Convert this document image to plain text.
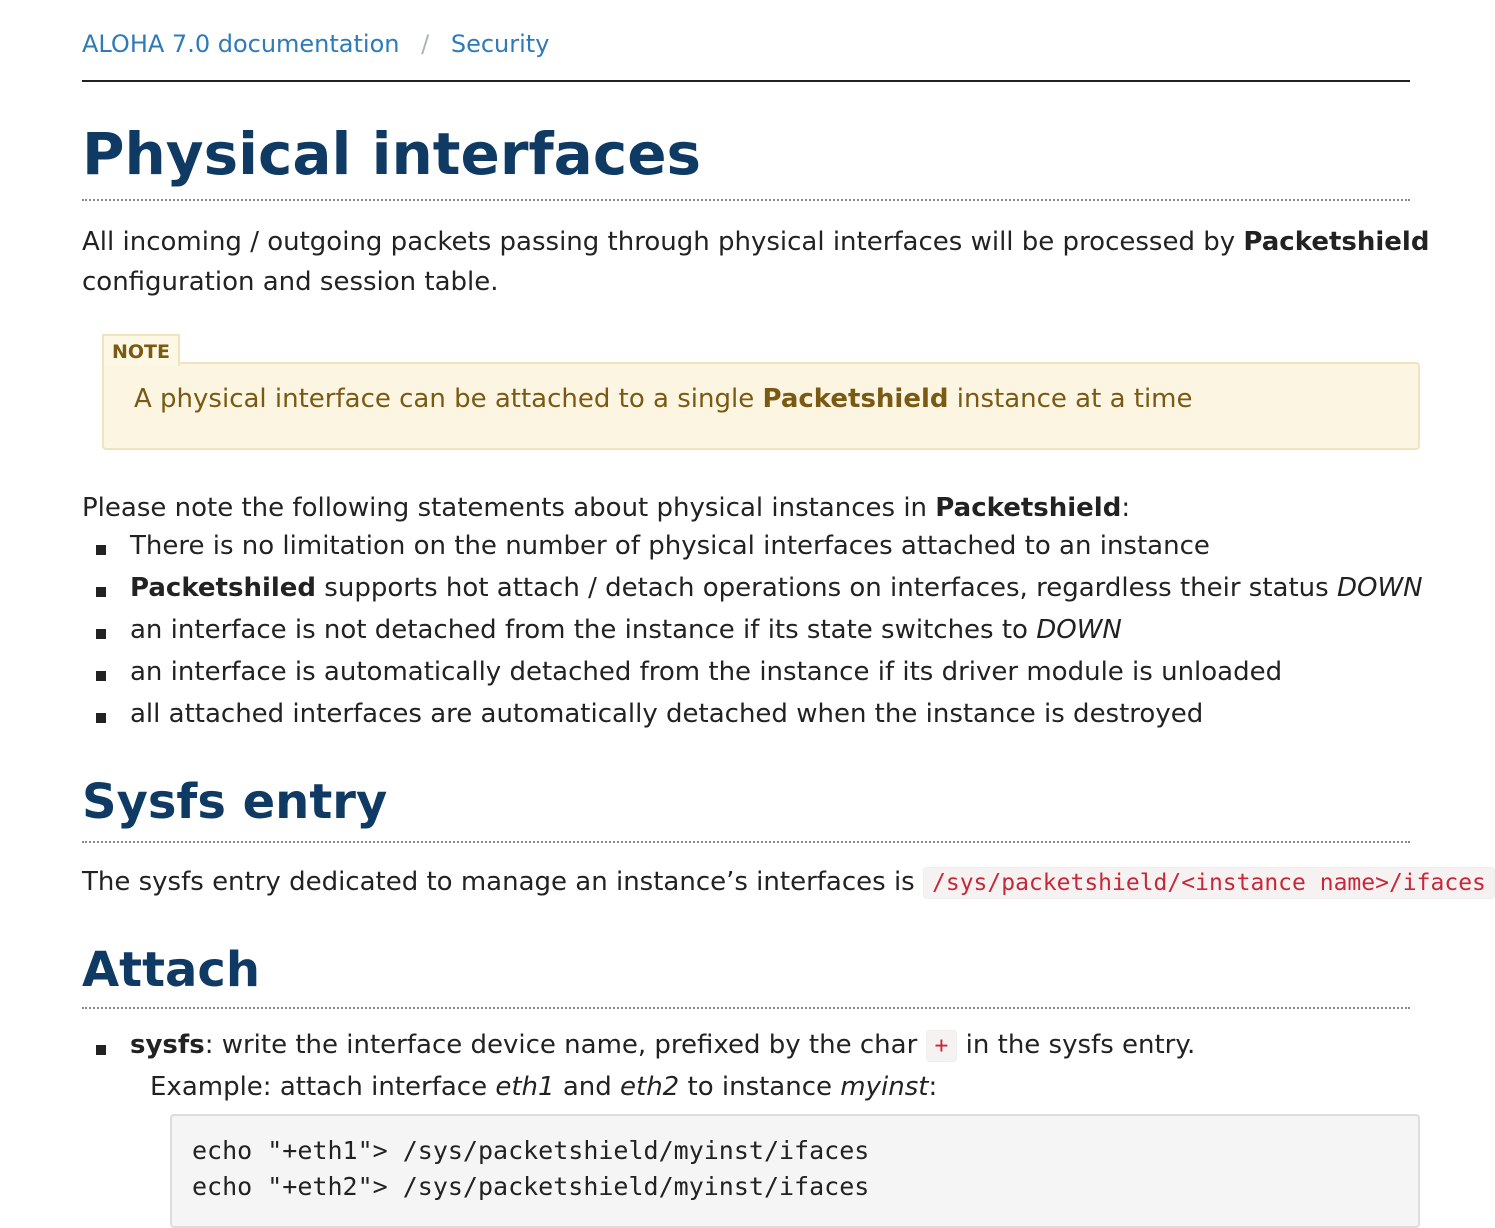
ALOHA 7.0 documentation / Security
Physical interfaces
All incoming / outgoing packets passing through physical interfaces will be processed by Packetshield
configuration and session table.
NOTE
A physical interface can be attached to a single Packetshield instance at a time
Please note the following statements about physical instances in Packetshield:
There is no limitation on the number of physical interfaces attached to an instance
Packetshiled supports hot attach / detach operations on interfaces, regardless their status DOWN
an interface is not detached from the instance if its state switches to DOWN
an interface is automatically detached from the instance if its driver module is unloaded
all attached interfaces are automatically detached when the instance is destroyed
Sysfs entry
The sysfs entry dedicated to manage an instance’s interfaces is /sys/packetshield/<instance name>/ifaces
Attach
sysfs: write the interface device name, prefixed by the char + in the sysfs entry.
Example: attach interface eth1 and eth2 to instance myinst:
echo "+eth1"> /sys/packetshield/myinst/ifaces
echo "+eth2"> /sys/packetshield/myinst/ifaces
